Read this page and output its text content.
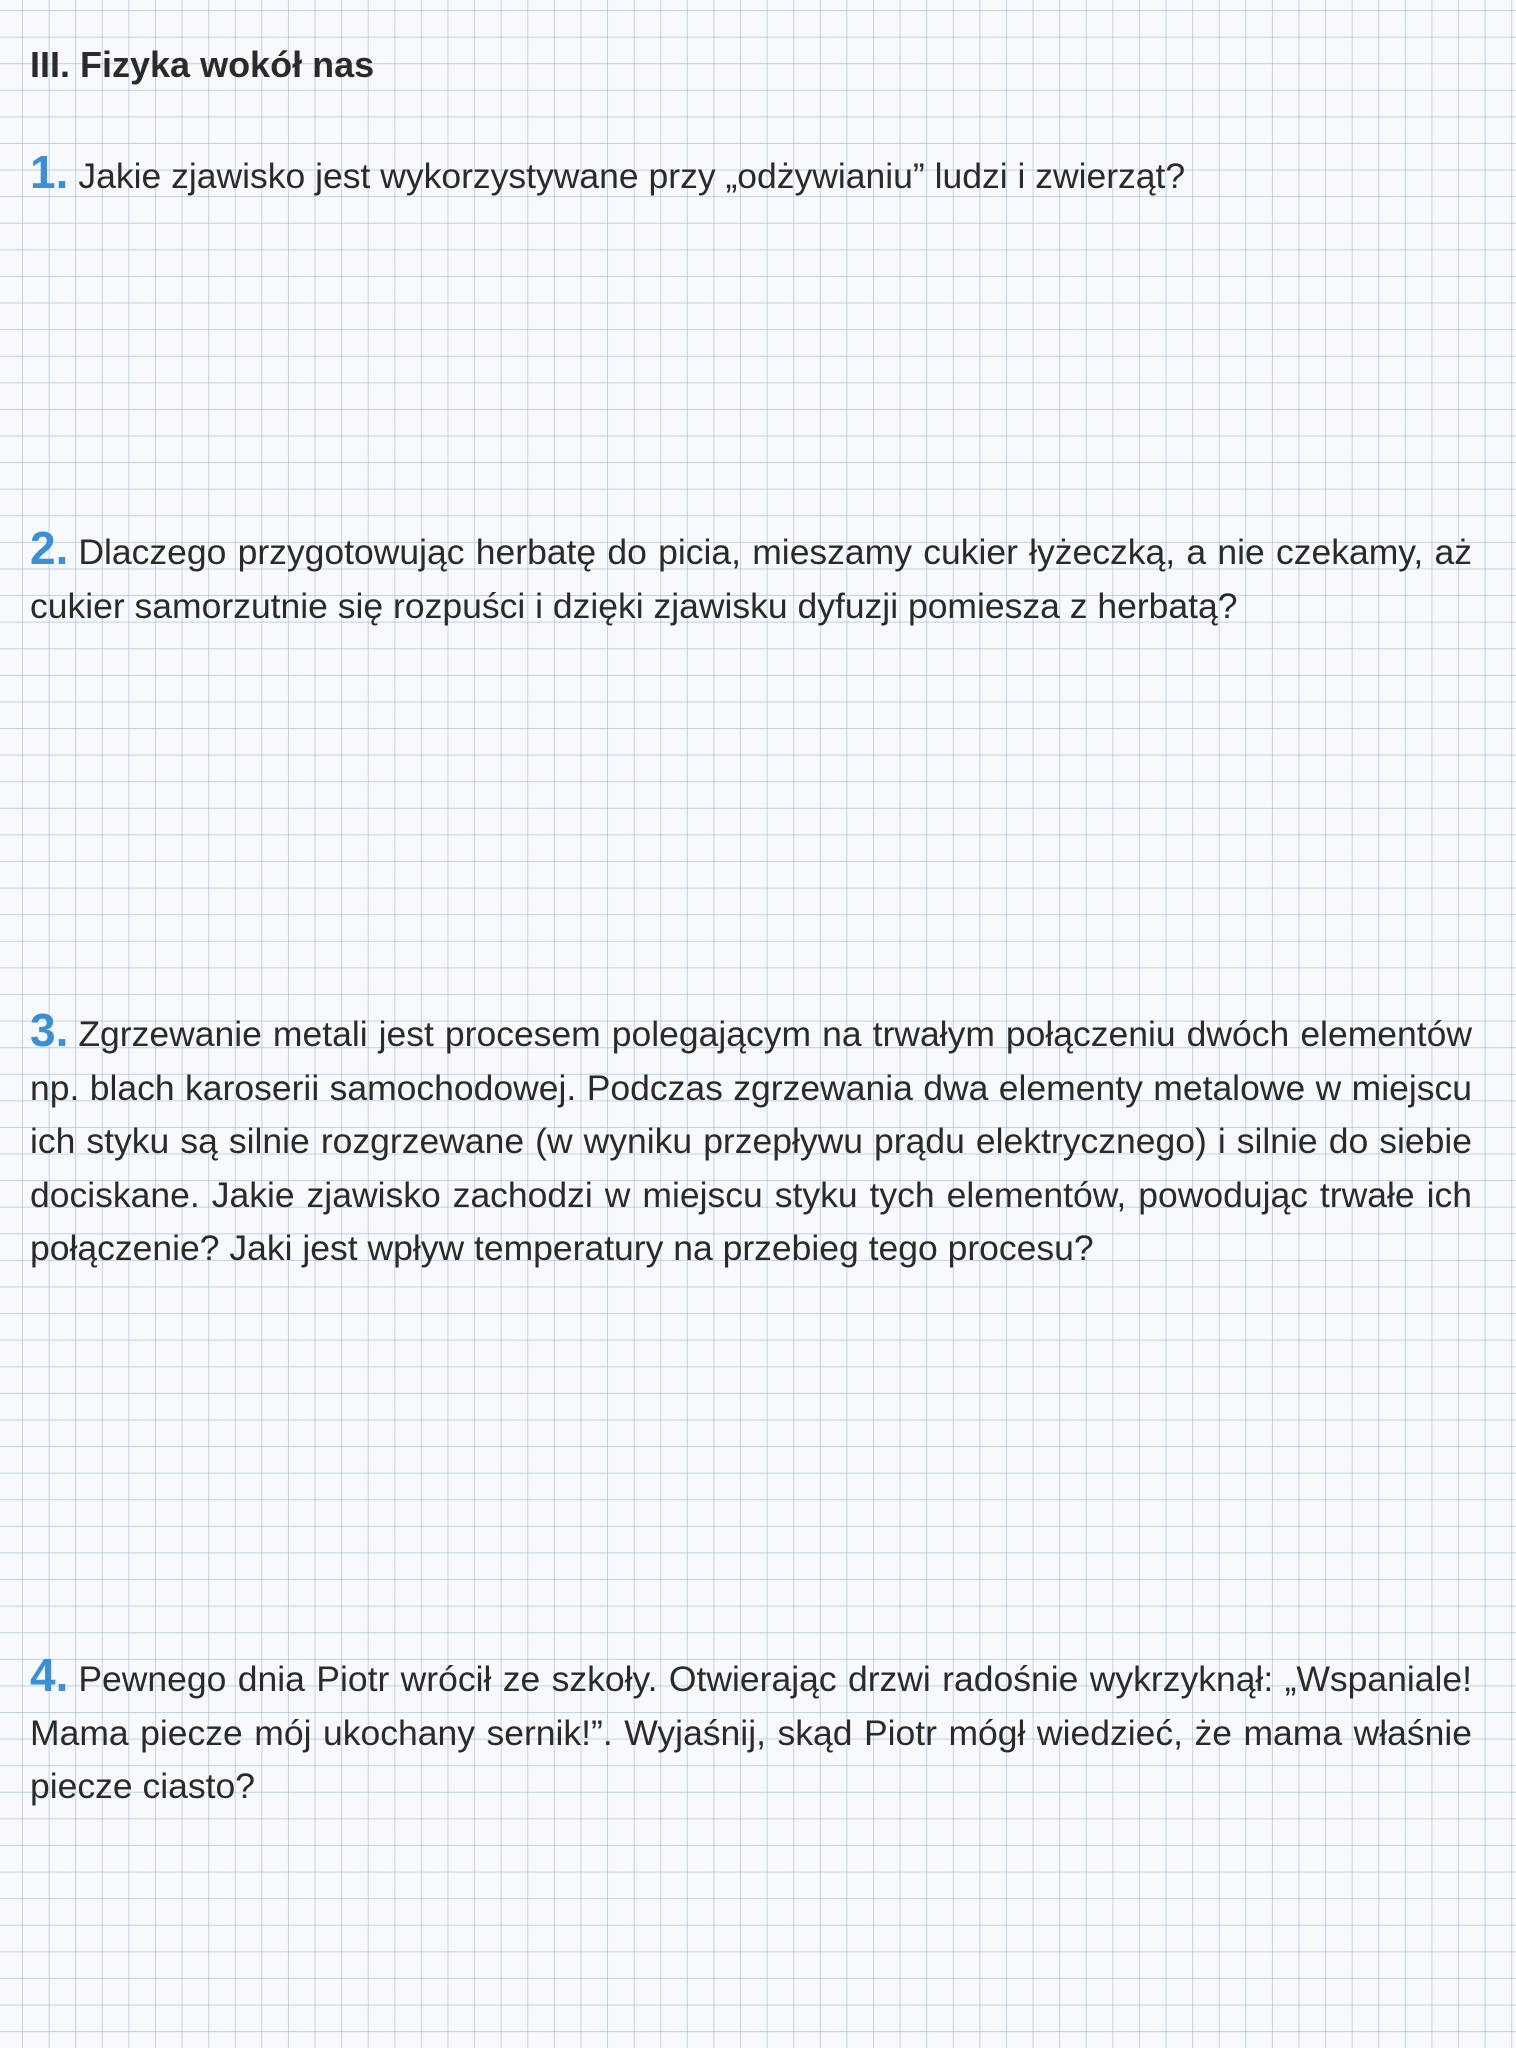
III. Fizyka wokół nas

1. Jakie zjawisko jest wykorzystywane przy „odżywianiu” ludzi i zwierząt?

2. Dlaczego przygotowując herbatę do picia, mieszamy cukier łyżeczką, a nie czekamy, aż cukier samorzutnie się rozpuści i dzięki zjawisku dyfuzji pomiesza z herbatą?

3. Zgrzewanie metali jest procesem polegającym na trwałym połączeniu dwóch elementów np. blach karoserii samochodowej. Podczas zgrzewania dwa elementy metalowe w miejscu ich styku są silnie rozgrzewane (w wyniku przepływu prądu elektrycznego) i silnie do siebie dociskane. Jakie zjawisko zachodzi w miejscu styku tych elementów, powodując trwałe ich połączenie? Jaki jest wpływ temperatury na przebieg tego procesu?

4. Pewnego dnia Piotr wrócił ze szkoły. Otwierając drzwi radośnie wykrzyknął: „Wspaniale! Mama piecze mój ukochany sernik!”. Wyjaśnij, skąd Piotr mógł wiedzieć, że mama właśnie piecze ciasto?
